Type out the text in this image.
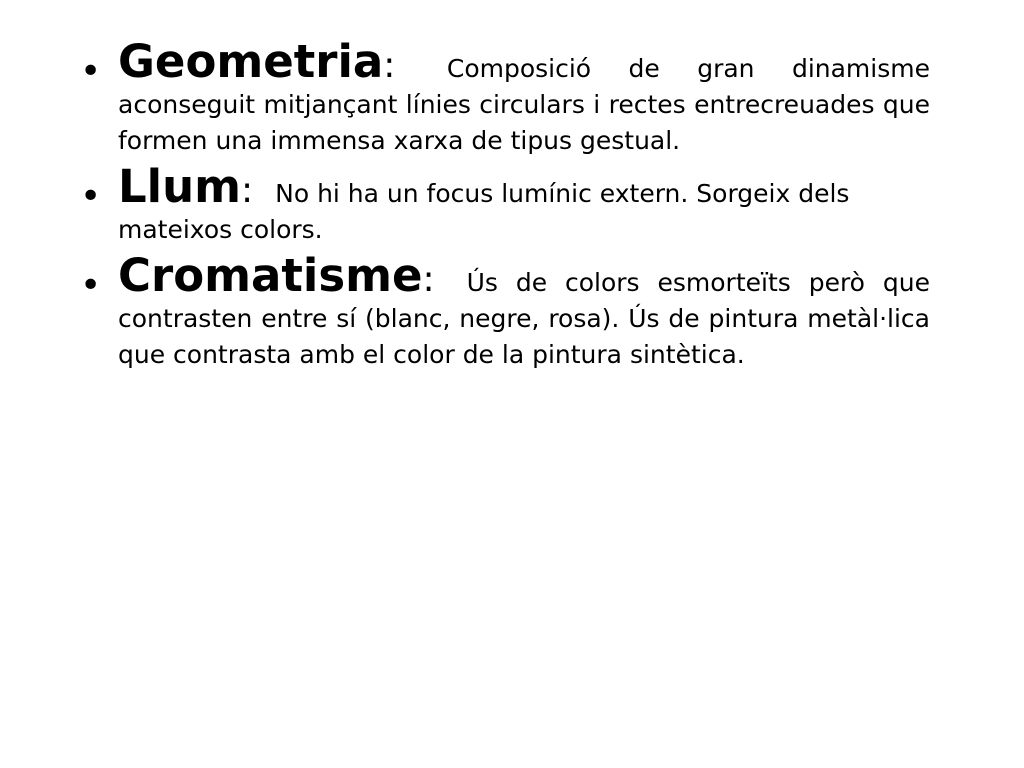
• Geometria: Composició de gran dinamisme aconseguit mitjançant línies circulars i rectes entrecreuades que formen una immensa xarxa de tipus gestual.
• Llum: No hi ha un focus lumínic extern. Sorgeix dels mateixos colors.
• Cromatisme: Ús de colors esmorteïts però que contrasten entre sí (blanc, negre, rosa). Ús de pintura metàl·lica que contrasta amb el color de la pintura sintètica.
